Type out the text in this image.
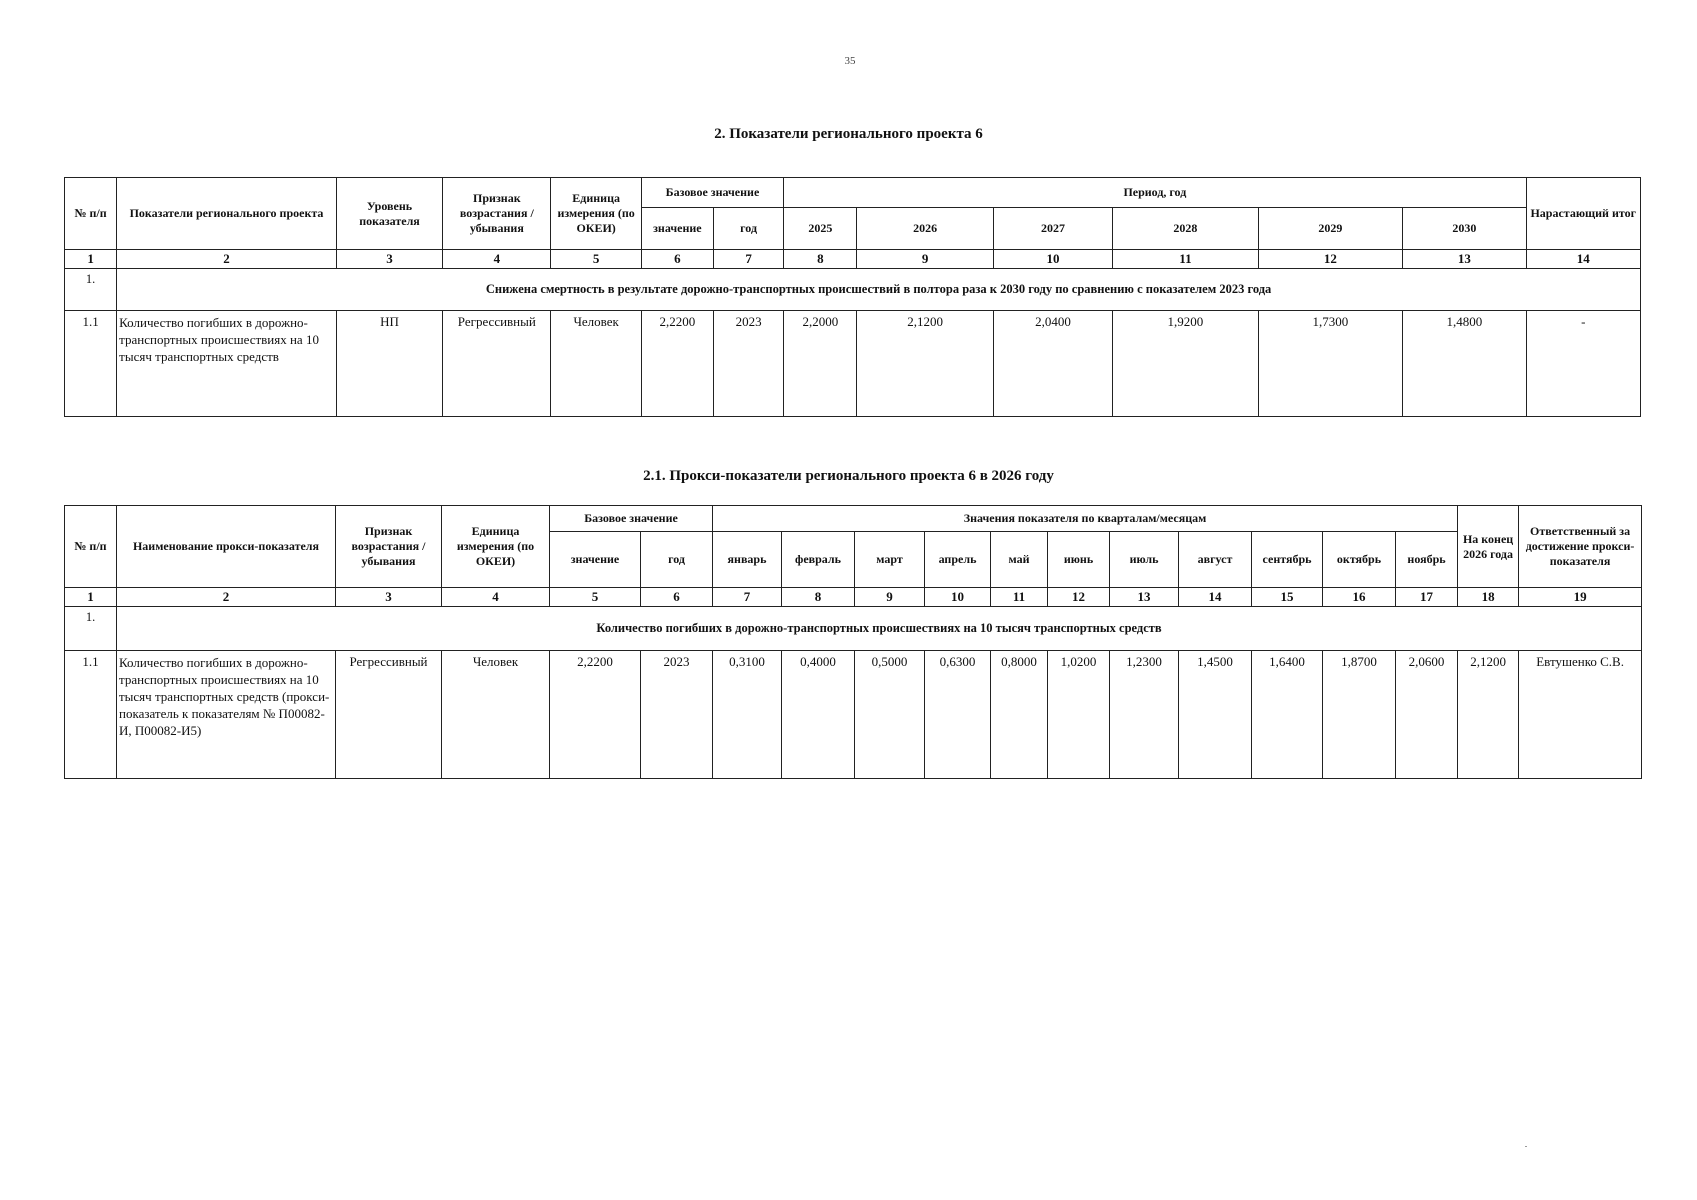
35
2. Показатели регионального проекта 6
№ п/п	Показатели регионального проекта	Уровень показателя	Признак возрастания / убывания	Единица измерения (по ОКЕИ)	Базовое значение		Период, год						Нарастающий итог
					значение	год	2025	2026	2027	2028	2029	2030	
1	2	3	4	5	6	7	8	9	10	11	12	13	14
1.	Снижена смертность в результате дорожно-транспортных происшествий в полтора раза к 2030 году по сравнению с показателем 2023 года												
1.1	Количество погибших в дорожно-транспортных происшествиях на 10 тысяч транспортных средств	НП	Регрессивный	Человек	2,2200	2023	2,2000	2,1200	2,0400	1,9200	1,7300	1,4800	-
2.1. Прокси-показатели регионального проекта 6 в 2026 году
№ п/п	Наименование прокси-показателя	Признак возрастания / убывания	Единица измерения (по ОКЕИ)	Базовое значение		Значения показателя по кварталам/месяцам											На конец 2026 года	Ответственный за достижение прокси-показателя
				значение	год	январь	февраль	март	апрель	май	июнь	июль	август	сентябрь	октябрь	ноябрь		
1	2	3	4	5	6	7	8	9	10	11	12	13	14	15	16	17	18	19
1.	Количество погибших в дорожно-транспортных происшествиях на 10 тысяч транспортных средств																	
1.1	Количество погибших в дорожно-транспортных происшествиях на 10 тысяч транспортных средств (прокси-показатель к показателям № П00082-И, П00082-И5)	Регрессивный	Человек	2,2200	2023	0,3100	0,4000	0,5000	0,6300	0,8000	1,0200	1,2300	1,4500	1,6400	1,8700	2,0600	2,1200	Евтушенко С.В.
